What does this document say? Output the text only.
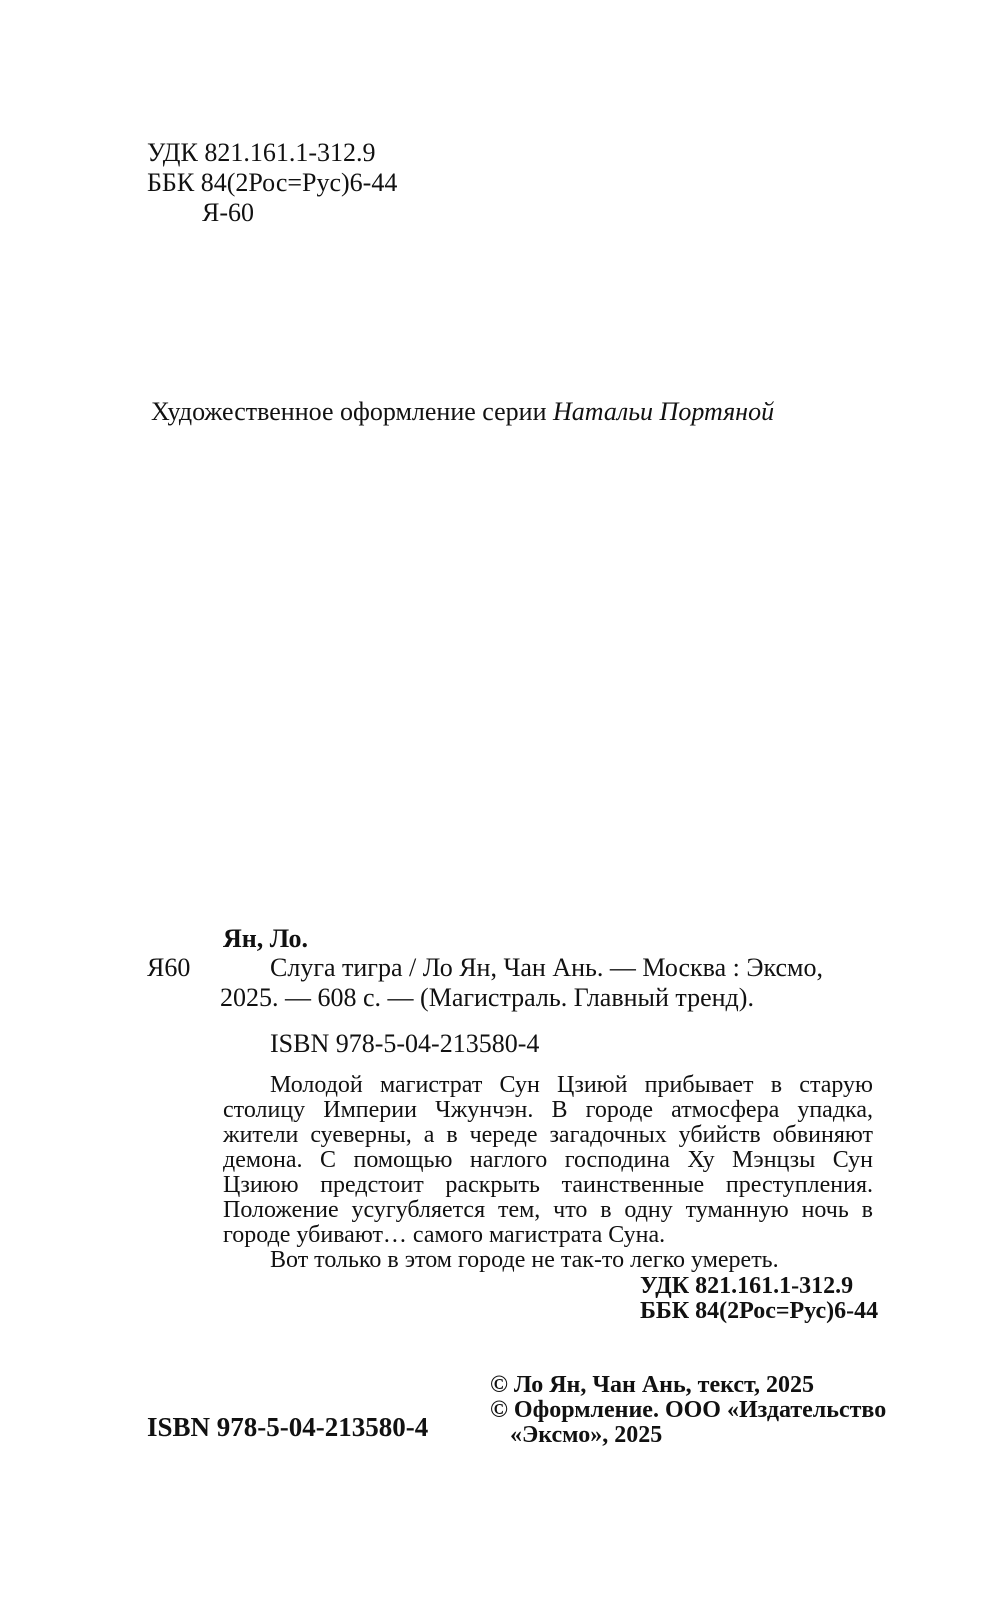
УДК 821.161.1-312.9
ББК 84(2Рос=Рус)6-44
Я-60
Художественное оформление серии Натальи Портяной
Ян, Ло.
Я60	Слуга тигра / Ло Ян, Чан Ань. — Москва : Эксмо,
2025. — 608 с. — (Магистраль. Главный тренд).
ISBN 978-5-04-213580-4

Молодой магистрат Сун Цзиюй прибывает в старую столицу Империи Чжунчэн. В городе атмосфера упадка, жители суеверны, а в череде загадочных убийств обвиняют демона. С помощью наглого господина Ху Мэнцзы Сун Цзиюю предстоит раскрыть таинственные преступления. Положение усугубляется тем, что в одну туманную ночь в городе убивают… самого магистрата Суна.

Вот только в этом городе не так-то легко умереть.

УДК 821.161.1-312.9
ББК 84(2Рос=Рус)6-44
ISBN 978-5-04-213580-4
© Ло Ян, Чан Ань, текст, 2025
© Оформление. ООО «Издательство
«Эксмо», 2025
